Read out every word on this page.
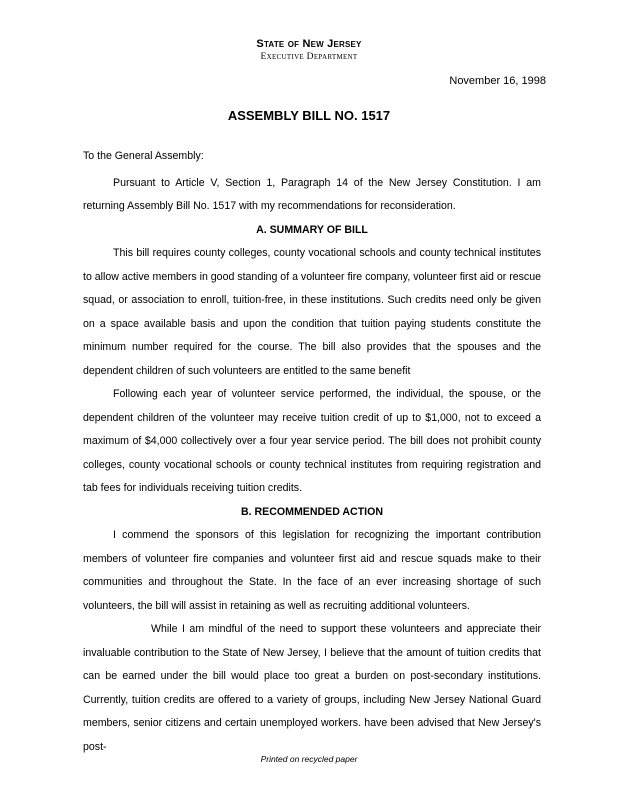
State of New Jersey
Executive Department
November 16, 1998
ASSEMBLY BILL NO. 1517

To the General Assembly:

Pursuant to Article V, Section 1, Paragraph 14 of the New Jersey Constitution. I am returning Assembly Bill No. 1517 with my recommendations for reconsideration.

A. SUMMARY OF BILL

This bill requires county colleges, county vocational schools and county technical institutes to allow active members in good standing of a volunteer fire company, volunteer first aid or rescue squad, or association to enroll, tuition-free, in these institutions. Such credits need only be given on a space available basis and upon the condition that tuition paying students constitute the minimum number required for the course. The bill also provides that the spouses and the dependent children of such volunteers are entitled to the same benefit

Following each year of volunteer service performed, the individual, the spouse, or the dependent children of the volunteer may receive tuition credit of up to $1,000, not to exceed a maximum of $4,000 collectively over a four year service period. The bill does not prohibit county colleges, county vocational schools or county technical institutes from requiring registration and tab fees for individuals receiving tuition credits.

B. RECOMMENDED ACTION

I commend the sponsors of this legislation for recognizing the important contribution members of volunteer fire companies and volunteer first aid and rescue squads make to their communities and throughout the State. In the face of an ever increasing shortage of such volunteers, the bill will assist in retaining as well as recruiting additional volunteers.

While I am mindful of the need to support these volunteers and appreciate their invaluable contribution to the State of New Jersey, I believe that the amount of tuition credits that can be earned under the bill would place too great a burden on post-secondary institutions. Currently, tuition credits are offered to a variety of groups, including New Jersey National Guard members, senior citizens and certain unemployed workers. have been advised that New Jersey's post-

Printed on recycled paper
